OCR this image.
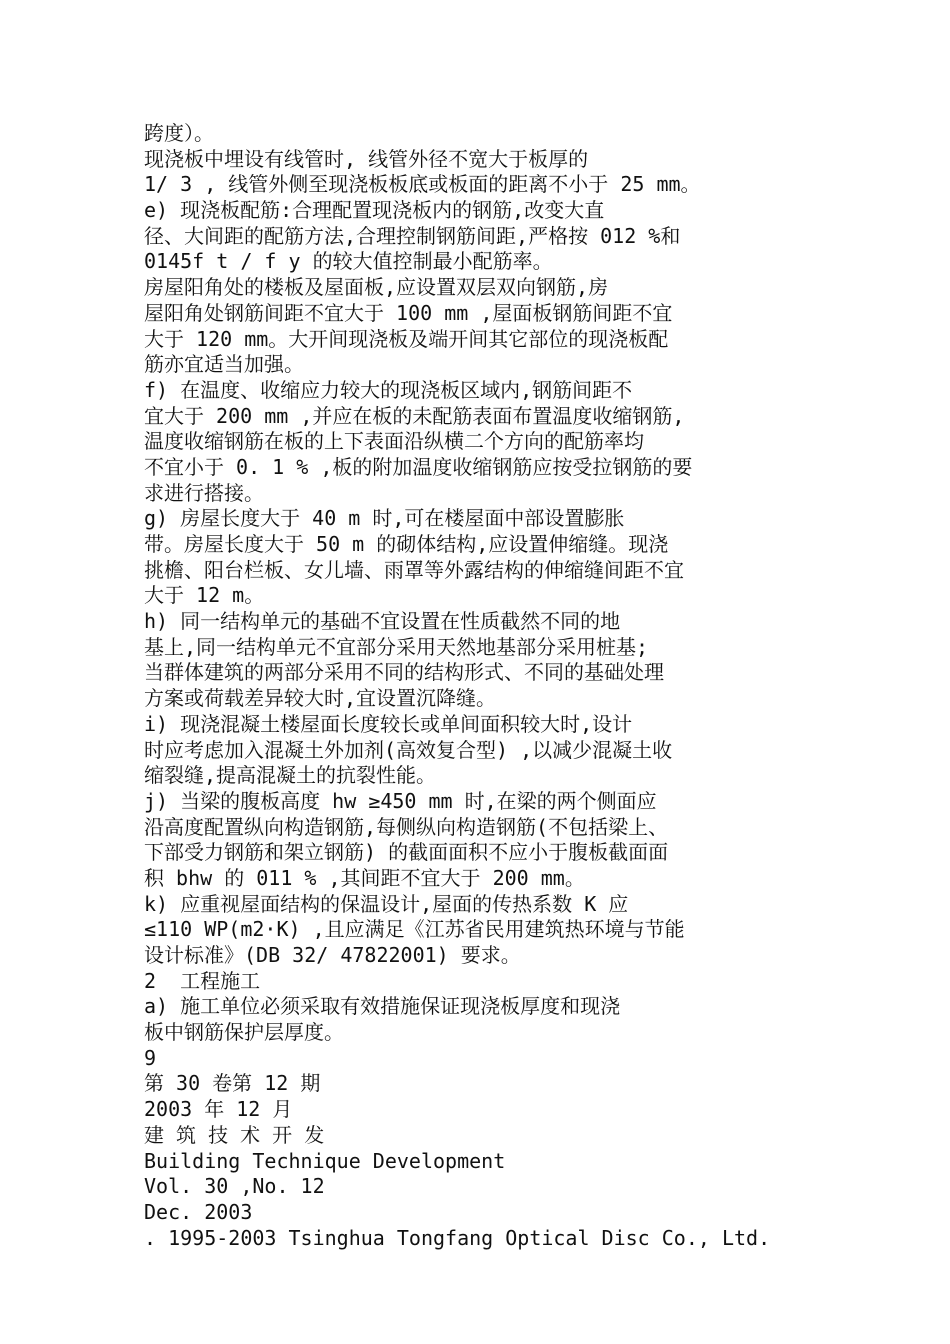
跨度）。
现浇板中埋设有线管时, 线管外径不宽大于板厚的
1/ 3 , 线管外侧至现浇板板底或板面的距离不小于 25 mm。
e) 现浇板配筋:合理配置现浇板内的钢筋,改变大直
径、大间距的配筋方法,合理控制钢筋间距,严格按 012 %和
0145f t / f y 的较大值控制最小配筋率。
房屋阳角处的楼板及屋面板,应设置双层双向钢筋,房
屋阳角处钢筋间距不宜大于 100 mm ,屋面板钢筋间距不宜
大于 120 mm。大开间现浇板及端开间其它部位的现浇板配
筋亦宜适当加强。
f) 在温度、收缩应力较大的现浇板区域内,钢筋间距不
宜大于 200 mm ,并应在板的未配筋表面布置温度收缩钢筋,
温度收缩钢筋在板的上下表面沿纵横二个方向的配筋率均
不宜小于 0. 1 % ,板的附加温度收缩钢筋应按受拉钢筋的要
求进行搭接。
g) 房屋长度大于 40 m 时,可在楼屋面中部设置膨胀
带。房屋长度大于 50 m 的砌体结构,应设置伸缩缝。现浇
挑檐、阳台栏板、女儿墙、雨罩等外露结构的伸缩缝间距不宜
大于 12 m。
h) 同一结构单元的基础不宜设置在性质截然不同的地
基上,同一结构单元不宜部分采用天然地基部分采用桩基;
当群体建筑的两部分采用不同的结构形式、不同的基础处理
方案或荷载差异较大时,宜设置沉降缝。
i) 现浇混凝土楼屋面长度较长或单间面积较大时,设计
时应考虑加入混凝土外加剂(高效复合型) ,以减少混凝土收
缩裂缝,提高混凝土的抗裂性能。
j) 当梁的腹板高度 hw ≥450 mm 时,在梁的两个侧面应
沿高度配置纵向构造钢筋,每侧纵向构造钢筋(不包括梁上、
下部受力钢筋和架立钢筋) 的截面面积不应小于腹板截面面
积 bhw 的 011 % ,其间距不宜大于 200 mm。
k) 应重视屋面结构的保温设计,屋面的传热系数 K 应
≤110 WP(m2·K) ,且应满足《江苏省民用建筑热环境与节能
设计标准》(DB 32/ 47822001) 要求。
2  工程施工
a) 施工单位必须采取有效措施保证现浇板厚度和现浇
板中钢筋保护层厚度。
9
第 30 卷第 12 期
2003 年 12 月
建 筑 技 术 开 发
Building Technique Development
Vol. 30 ,No. 12
Dec. 2003
. 1995-2003 Tsinghua Tongfang Optical Disc Co., Ltd.
